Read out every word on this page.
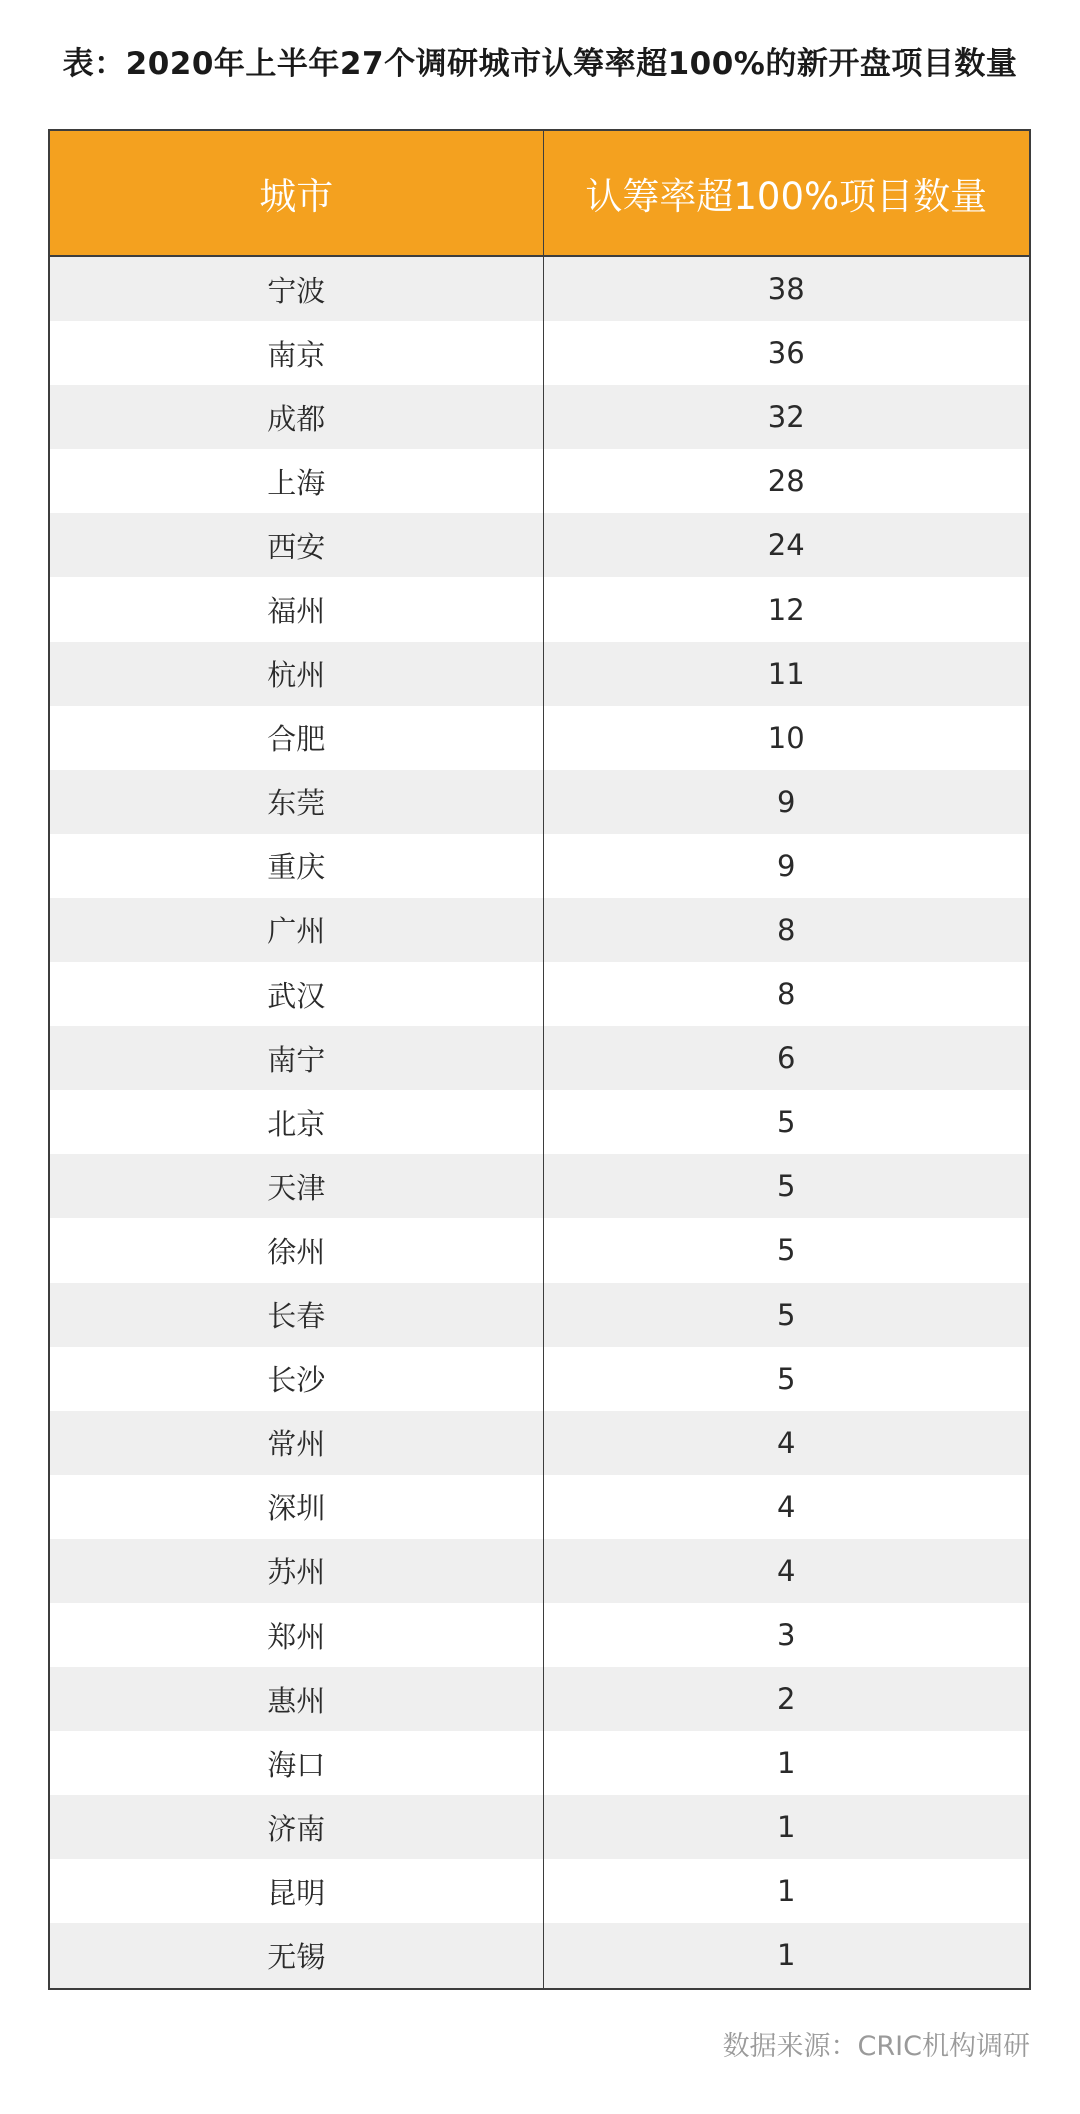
表：2020年上半年27个调研城市认筹率超100%的新开盘项目数量
城市	认筹率超100%项目数量
宁波	38
南京	36
成都	32
上海	28
西安	24
福州	12
杭州	11
合肥	10
东莞	9
重庆	9
广州	8
武汉	8
南宁	6
北京	5
天津	5
徐州	5
长春	5
长沙	5
常州	4
深圳	4
苏州	4
郑州	3
惠州	2
海口	1
济南	1
昆明	1
无锡	1
数据来源：CRIC机构调研
